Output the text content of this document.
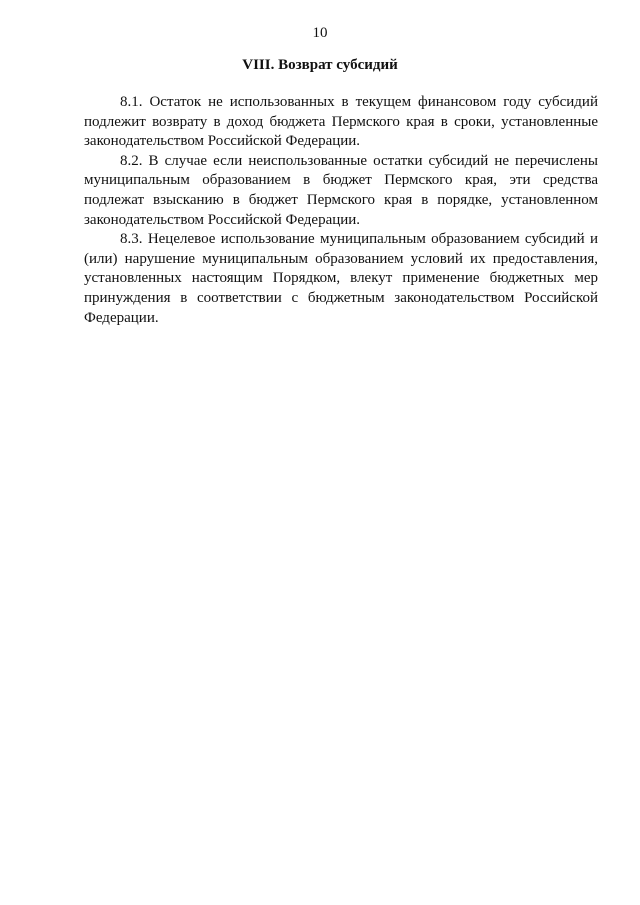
10
VIII. Возврат субсидий

8.1. Остаток не использованных в текущем финансовом году субсидий подлежит возврату в доход бюджета Пермского края в сроки, установленные законодательством Российской Федерации.

8.2. В случае если неиспользованные остатки субсидий не перечислены муниципальным образованием в бюджет Пермского края, эти средства подлежат взысканию в бюджет Пермского края в порядке, установленном законодательством Российской Федерации.

8.3. Нецелевое использование муниципальным образованием субсидий и (или) нарушение муниципальным образованием условий их предоставления, установленных настоящим Порядком, влекут применение бюджетных мер принуждения в соответствии с бюджетным законодательством Российской Федерации.
